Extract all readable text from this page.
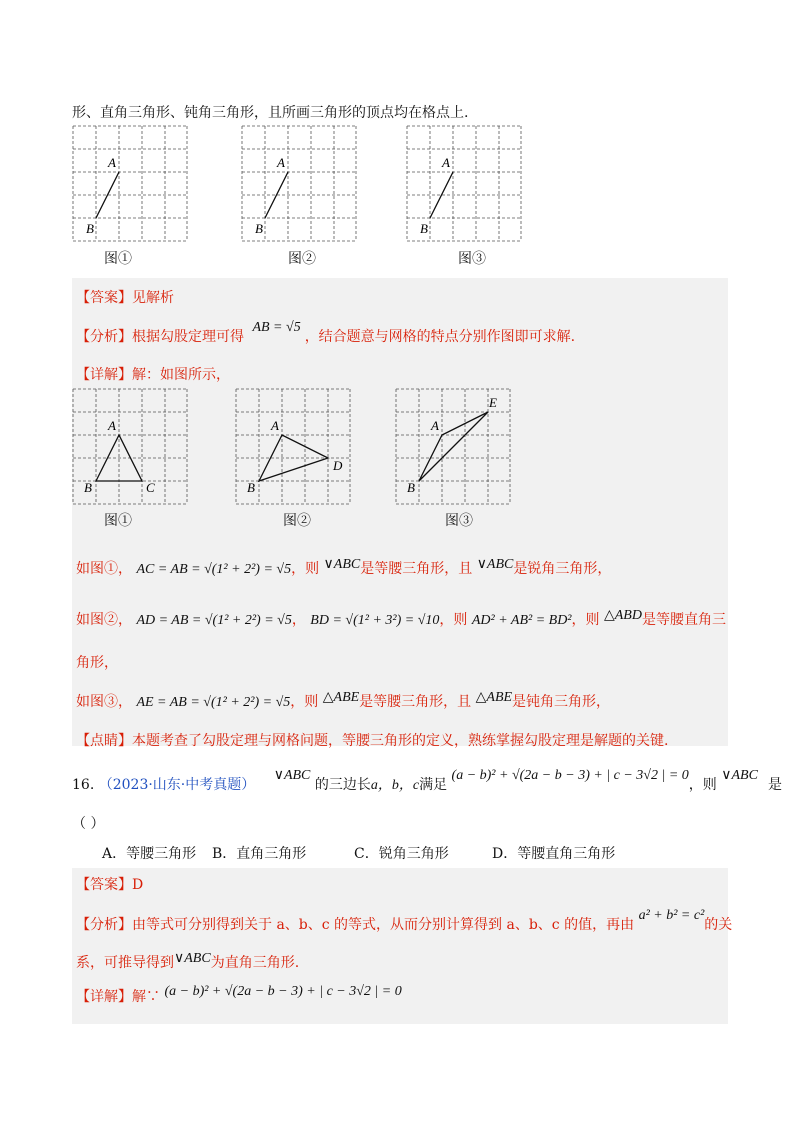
形、直角三角形、钝角三角形，且所画三角形的顶点均在格点上.
A
B
图①
A
B
图②
A
B
图③
【答案】见解析
【分析】根据勾股定理可得 AB = √5，结合题意与网格的特点分别作图即可求解.
【详解】解：如图所示，
A
B	C
图①
A
B
D
图②
A
B
E
图③
如图①， AC = AB = √(1² + 2²) = √5，则 ∨ABC是等腰三角形，且 ∨ABC是锐角三角形，
如图②， AD = AB = √(1² + 2²) = √5， BD = √(1² + 3²) = √10，则 AD² + AB² = BD²，则 △ABD是等腰直角三
角形，
如图③， AE = AB = √(1² + 2²) = √5，则 △ABE是等腰三角形，且 △ABE是钝角三角形，
【点睛】本题考查了勾股定理与网格问题，等腰三角形的定义，熟练掌握勾股定理是解题的关键.
16. （2023·山东·中考真题） ∨ABC 的三边长a，b，c满足 (a − b)² + √(2a − b − 3) + | c − 3√2 | = 0，则 ∨ABC是
（ ）
A．等腰三角形 B．直角三角形	C．锐角三角形	D．等腰直角三角形
【答案】D
【分析】由等式可分别得到关于 a、b、c 的等式，从而分别计算得到 a、b、c 的值，再由 a² + b² = c²的关
系，可推导得到∨ABC为直角三角形.
【详解】解∵ (a − b)² + √(2a − b − 3) + | c − 3√2 | = 0
